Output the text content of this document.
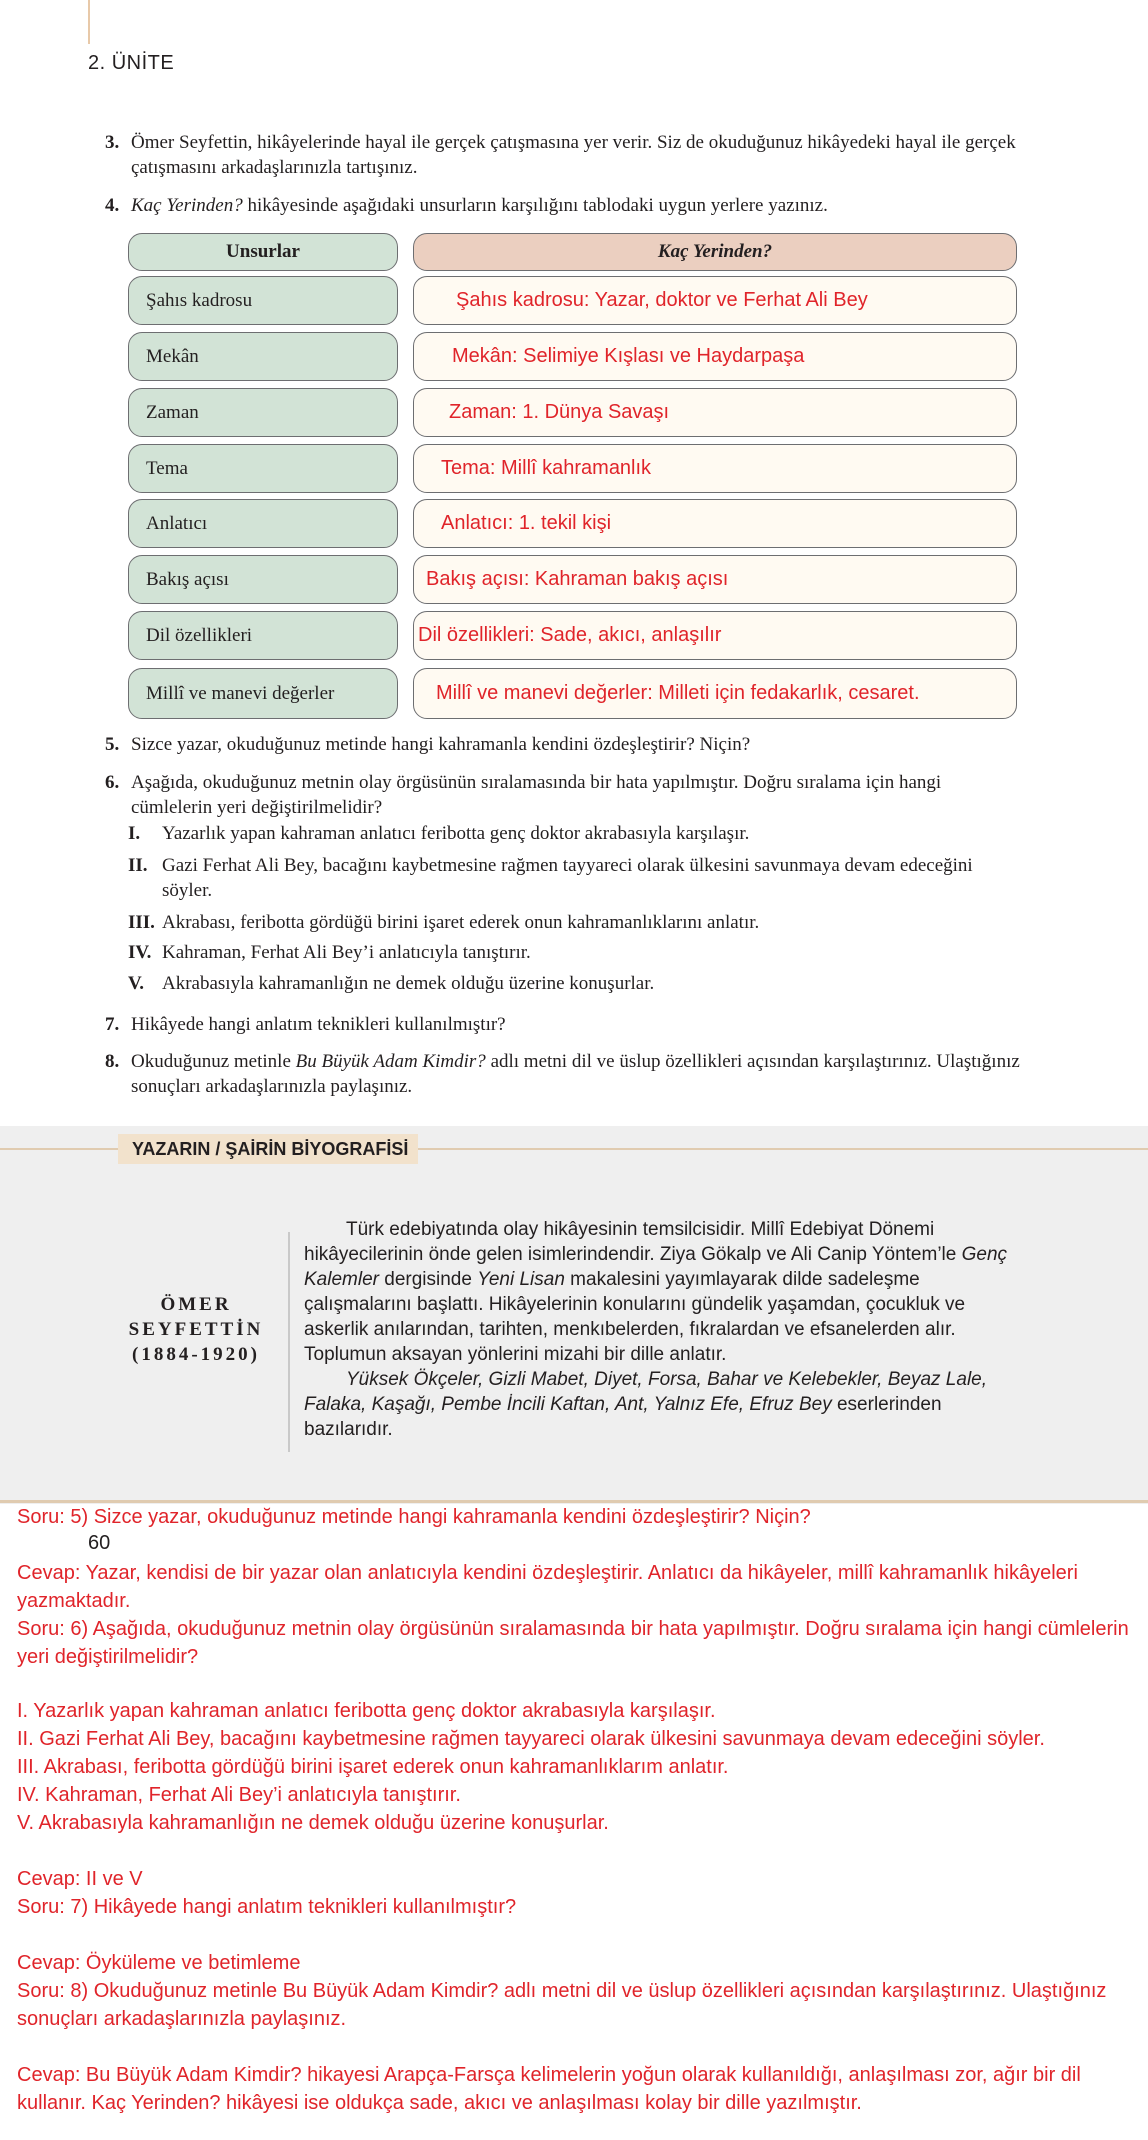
2. ÜNİTE
3. Ömer Seyfettin, hikâyelerinde hayal ile gerçek çatışmasına yer verir. Siz de okuduğunuz hikâyedeki hayal ile gerçek çatışmasını arkadaşlarınızla tartışınız.
4. Kaç Yerinden? hikâyesinde aşağıdaki unsurların karşılığını tablodaki uygun yerlere yazınız.
Unsurlar	Kaç Yerinden?
Şahıs kadrosu	Şahıs kadrosu: Yazar, doktor ve Ferhat Ali Bey
Mekân	Mekân: Selimiye Kışlası ve Haydarpaşa
Zaman	Zaman: 1. Dünya Savaşı
Tema	Tema: Millî kahramanlık
Anlatıcı	Anlatıcı: 1. tekil kişi
Bakış açısı	Bakış açısı: Kahraman bakış açısı
Dil özellikleri	Dil özellikleri: Sade, akıcı, anlaşılır
Millî ve manevi değerler	Millî ve manevi değerler: Milleti için fedakarlık, cesaret.
5. Sizce yazar, okuduğunuz metinde hangi kahramanla kendini özdeşleştirir? Niçin?
6. Aşağıda, okuduğunuz metnin olay örgüsünün sıralamasında bir hata yapılmıştır. Doğru sıralama için hangi cümlelerin yeri değiştirilmelidir?
I. Yazarlık yapan kahraman anlatıcı feribotta genç doktor akrabasıyla karşılaşır.
II. Gazi Ferhat Ali Bey, bacağını kaybetmesine rağmen tayyareci olarak ülkesini savunmaya devam edeceğini söyler.
III. Akrabası, feribotta gördüğü birini işaret ederek onun kahramanlıklarını anlatır.
IV. Kahraman, Ferhat Ali Bey’i anlatıcıyla tanıştırır.
V. Akrabasıyla kahramanlığın ne demek olduğu üzerine konuşurlar.
7. Hikâyede hangi anlatım teknikleri kullanılmıştır?
8. Okuduğunuz metinle Bu Büyük Adam Kimdir? adlı metni dil ve üslup özellikleri açısından karşılaştırınız. Ulaştığınız sonuçları arkadaşlarınızla paylaşınız.
YAZARIN / ŞAİRİN BİYOGRAFİSİ
ÖMER
SEYFETTİN
(1884-1920)

Türk edebiyatında olay hikâyesinin temsilcisidir. Millî Edebiyat Dönemi hikâyecilerinin önde gelen isimlerindendir. Ziya Gökalp ve Ali Canip Yöntem’le Genç Kalemler dergisinde Yeni Lisan makalesini yayımlayarak dilde sadeleşme çalışmalarını başlattı. Hikâyelerinin konularını gündelik yaşamdan, çocukluk ve askerlik anılarından, tarihten, menkıbelerden, fıkralardan ve efsanelerden alır. Toplumun aksayan yönlerini mizahi bir dille anlatır.

Yüksek Ökçeler, Gizli Mabet, Diyet, Forsa, Bahar ve Kelebekler, Beyaz Lale, Falaka, Kaşağı, Pembe İncili Kaftan, Ant, Yalnız Efe, Efruz Bey eserlerinden bazılarıdır.

Soru: 5) Sizce yazar, okuduğunuz metinde hangi kahramanla kendini özdeşleştirir? Niçin?
60
Cevap: Yazar, kendisi de bir yazar olan anlatıcıyla kendini özdeşleştirir. Anlatıcı da hikâyeler, millî kahramanlık hikâyeleri yazmaktadır.
Soru: 6) Aşağıda, okuduğunuz metnin olay örgüsünün sıralamasında bir hata yapılmıştır. Doğru sıralama için hangi cümlelerin yeri değiştirilmelidir?
I. Yazarlık yapan kahraman anlatıcı feribotta genç doktor akrabasıyla karşılaşır.
II. Gazi Ferhat Ali Bey, bacağını kaybetmesine rağmen tayyareci olarak ülkesini savunmaya devam edeceğini söyler.
III. Akrabası, feribotta gördüğü birini işaret ederek onun kahramanlıklarım anlatır.
IV. Kahraman, Ferhat Ali Bey’i anlatıcıyla tanıştırır.
V. Akrabasıyla kahramanlığın ne demek olduğu üzerine konuşurlar.
Cevap: II ve V
Soru: 7) Hikâyede hangi anlatım teknikleri kullanılmıştır?
Cevap: Öyküleme ve betimleme
Soru: 8) Okuduğunuz metinle Bu Büyük Adam Kimdir? adlı metni dil ve üslup özellikleri açısından karşılaştırınız. Ulaştığınız sonuçları arkadaşlarınızla paylaşınız.
Cevap: Bu Büyük Adam Kimdir? hikayesi Arapça-Farsça kelimelerin yoğun olarak kullanıldığı, anlaşılması zor, ağır bir dil kullanır. Kaç Yerinden? hikâyesi ise oldukça sade, akıcı ve anlaşılması kolay bir dille yazılmıştır.
